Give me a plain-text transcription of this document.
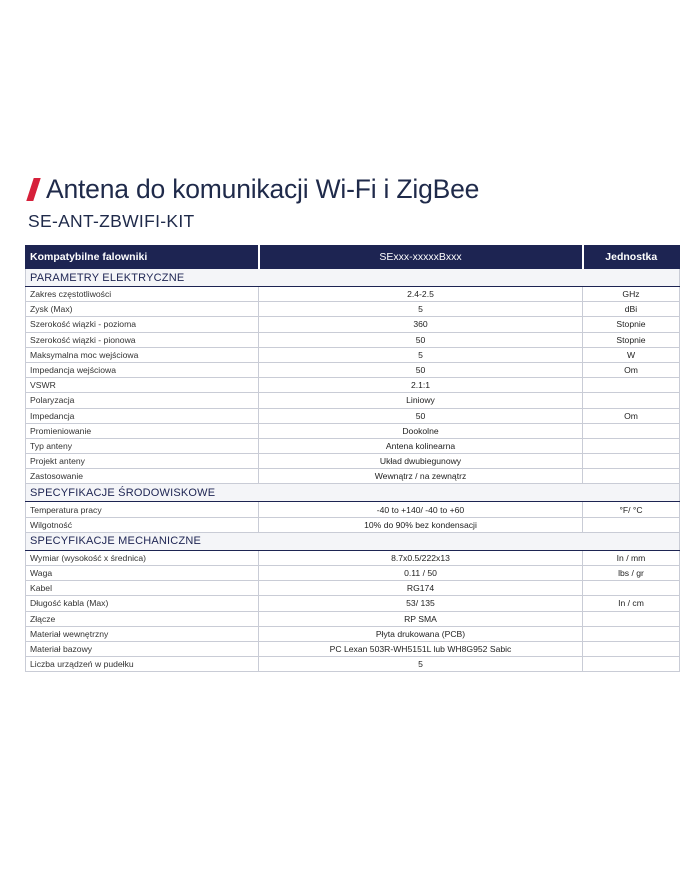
Antena do komunikacji Wi-Fi i ZigBee
SE-ANT-ZBWIFI-KIT
Kompatybilne falowniki	SExxx-xxxxxBxxx	Jednostka
PARAMETRY ELEKTRYCZNE		
Zakres częstotliwości	2.4-2.5	GHz
Zysk (Max)	5	dBi
Szerokość wiązki - pozioma	360	Stopnie
Szerokość wiązki - pionowa	50	Stopnie
Maksymalna moc wejściowa	5	W
Impedancja wejściowa	50	Om
VSWR	2.1:1	
Polaryzacja	Liniowy	
Impedancja	50	Om
Promieniowanie	Dookolne	
Typ anteny	Antena kolinearna	
Projekt anteny	Układ dwubiegunowy	
Zastosowanie	Wewnątrz / na zewnątrz	
SPECYFIKACJE ŚRODOWISKOWE		
Temperatura pracy	-40 to +140/ -40 to +60	°F/ °C
Wilgotność	10% do 90% bez kondensacji	
SPECYFIKACJE MECHANICZNE		
Wymiar (wysokość x średnica)	8.7x0.5/222x13	In / mm
Waga	0.11 / 50	lbs / gr
Kabel	RG174	
Długość kabla (Max)	53/ 135	In / cm
Złącze	RP SMA	
Materiał wewnętrzny	Płyta drukowana (PCB)	
Materiał bazowy	PC Lexan 503R-WH5151L lub WH8G952 Sabic	
Liczba urządzeń w pudełku	5	
